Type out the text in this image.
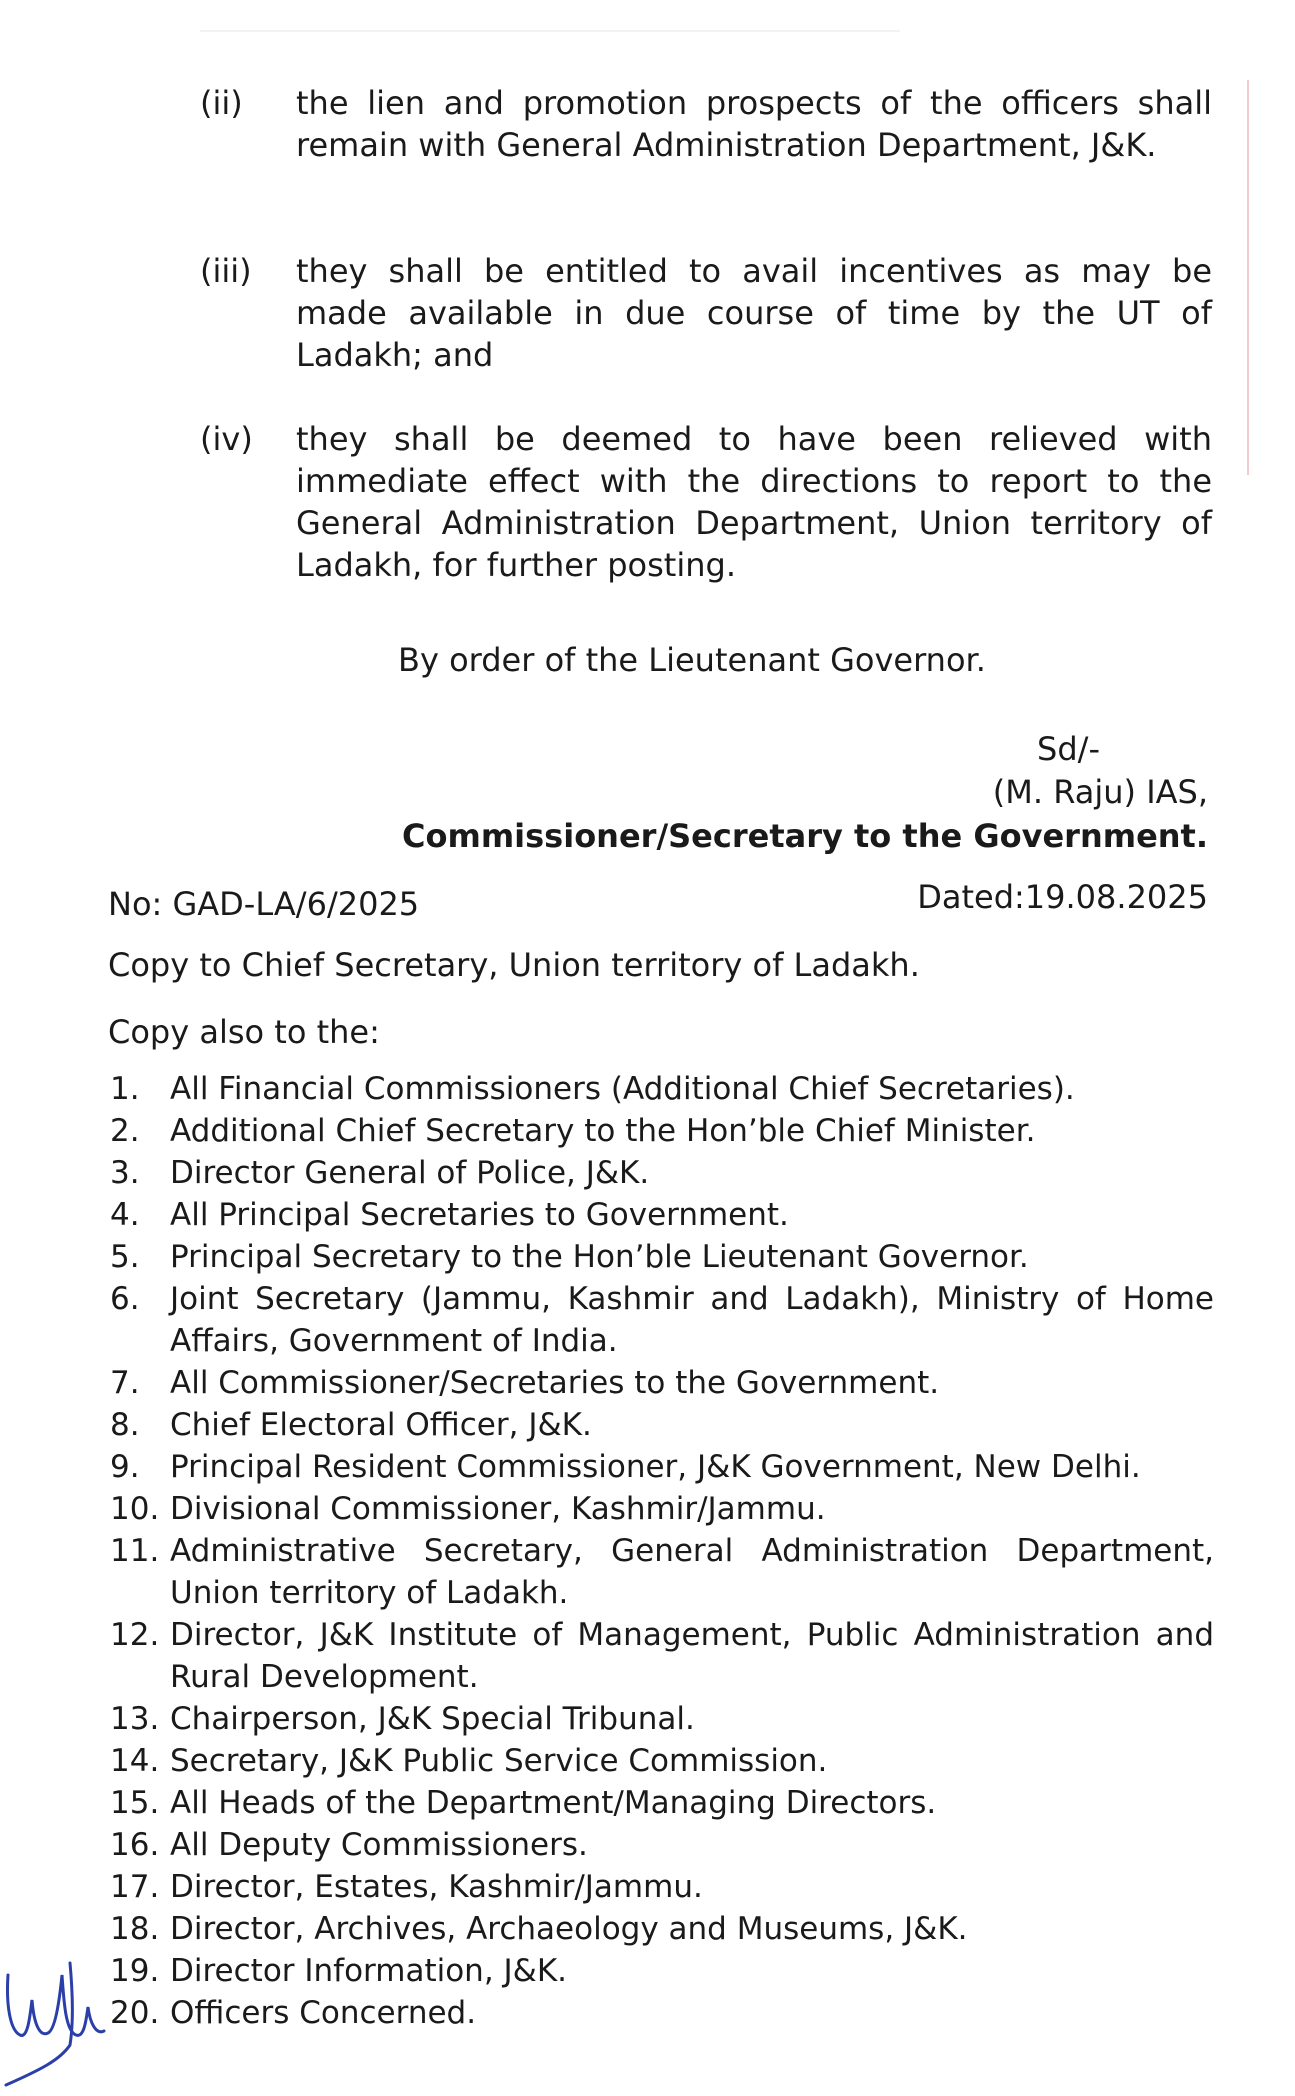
(ii) the lien and promotion prospects of the officers shall remain with General Administration Department, J&K.
(iii) they shall be entitled to avail incentives as may be made available in due course of time by the UT of Ladakh; and
(iv) they shall be deemed to have been relieved with immediate effect with the directions to report to the General Administration Department, Union territory of Ladakh, for further posting.
By order of the Lieutenant Governor.
Sd/-
(M. Raju) IAS,
Commissioner/Secretary to the Government.
No: GAD-LA/6/2025	Dated:19.08.2025
Copy to Chief Secretary, Union territory of Ladakh.
Copy also to the:
1. All Financial Commissioners (Additional Chief Secretaries).
2. Additional Chief Secretary to the Hon’ble Chief Minister.
3. Director General of Police, J&K.
4. All Principal Secretaries to Government.
5. Principal Secretary to the Hon’ble Lieutenant Governor.
6. Joint Secretary (Jammu, Kashmir and Ladakh), Ministry of Home Affairs, Government of India.
7. All Commissioner/Secretaries to the Government.
8. Chief Electoral Officer, J&K.
9. Principal Resident Commissioner, J&K Government, New Delhi.
10. Divisional Commissioner, Kashmir/Jammu.
11. Administrative Secretary, General Administration Department, Union territory of Ladakh.
12. Director, J&K Institute of Management, Public Administration and Rural Development.
13. Chairperson, J&K Special Tribunal.
14. Secretary, J&K Public Service Commission.
15. All Heads of the Department/Managing Directors.
16. All Deputy Commissioners.
17. Director, Estates, Kashmir/Jammu.
18. Director, Archives, Archaeology and Museums, J&K.
19. Director Information, J&K.
20. Officers Concerned.
